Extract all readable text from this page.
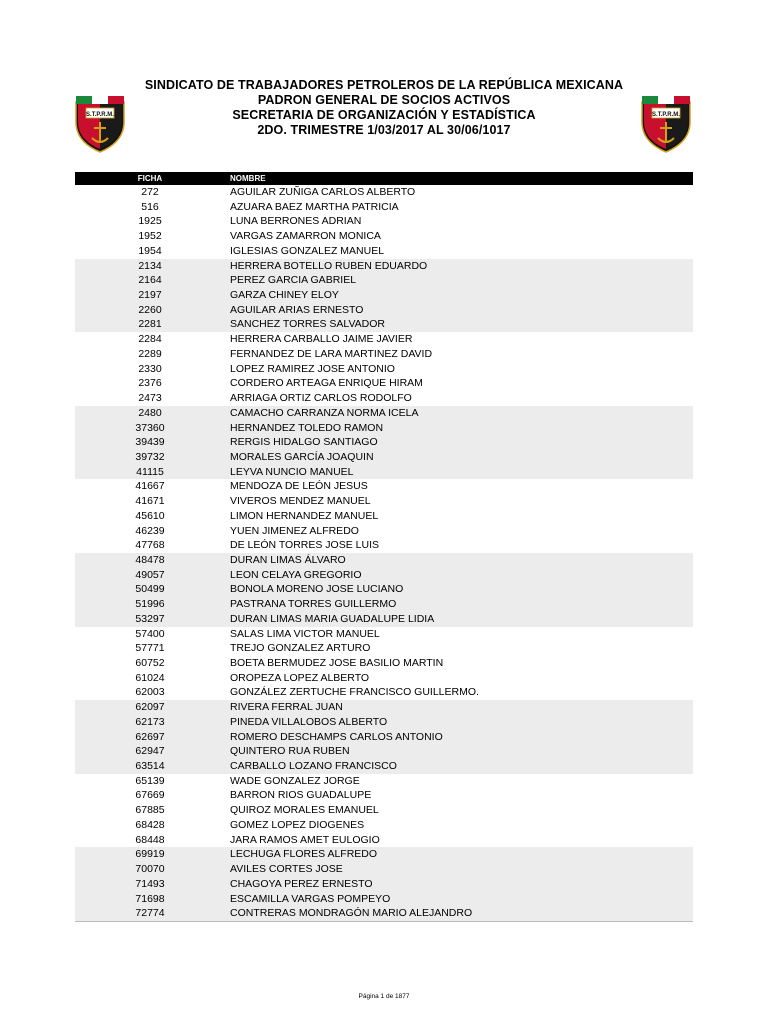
SINDICATO DE TRABAJADORES PETROLEROS DE LA REPÚBLICA MEXICANA
PADRON GENERAL DE SOCIOS ACTIVOS
SECRETARIA DE ORGANIZACIÓN Y ESTADÍSTICA
2DO. TRIMESTRE 1/03/2017 AL 30/06/1017
S.T.P.R.M.	S.T.P.R.M.
FICHA	NOMBRE
272	AGUILAR ZUÑIGA CARLOS ALBERTO
516	AZUARA BAEZ MARTHA PATRICIA
1925	LUNA BERRONES ADRIAN
1952	VARGAS ZAMARRON MONICA
1954	IGLESIAS GONZALEZ MANUEL
2134	HERRERA BOTELLO RUBEN EDUARDO
2164	PEREZ GARCIA GABRIEL
2197	GARZA CHINEY ELOY
2260	AGUILAR ARIAS ERNESTO
2281	SANCHEZ TORRES SALVADOR
2284	HERRERA CARBALLO JAIME JAVIER
2289	FERNANDEZ DE LARA MARTINEZ DAVID
2330	LOPEZ RAMIREZ JOSE ANTONIO
2376	CORDERO ARTEAGA ENRIQUE HIRAM
2473	ARRIAGA ORTIZ CARLOS RODOLFO
2480	CAMACHO CARRANZA NORMA ICELA
37360	HERNANDEZ TOLEDO RAMON
39439	RERGIS HIDALGO SANTIAGO
39732	MORALES GARCÍA JOAQUIN
41115	LEYVA NUNCIO MANUEL
41667	MENDOZA DE LEÓN JESUS
41671	VIVEROS MENDEZ MANUEL
45610	LIMON HERNANDEZ MANUEL
46239	YUEN JIMENEZ ALFREDO
47768	DE LEÓN TORRES JOSE LUIS
48478	DURAN LIMAS ÁLVARO
49057	LEON CELAYA GREGORIO
50499	BONOLA MORENO JOSE LUCIANO
51996	PASTRANA TORRES GUILLERMO
53297	DURAN LIMAS MARIA GUADALUPE LIDIA
57400	SALAS LIMA VICTOR MANUEL
57771	TREJO GONZALEZ ARTURO
60752	BOETA BERMUDEZ JOSE BASILIO MARTIN
61024	OROPEZA LOPEZ ALBERTO
62003	GONZÁLEZ ZERTUCHE FRANCISCO GUILLERMO.
62097	RIVERA FERRAL JUAN
62173	PINEDA VILLALOBOS ALBERTO
62697	ROMERO DESCHAMPS CARLOS ANTONIO
62947	QUINTERO RUA RUBEN
63514	CARBALLO LOZANO FRANCISCO
65139	WADE GONZALEZ JORGE
67669	BARRON RIOS GUADALUPE
67885	QUIROZ MORALES EMANUEL
68428	GOMEZ LOPEZ DIOGENES
68448	JARA RAMOS AMET EULOGIO
69919	LECHUGA FLORES ALFREDO
70070	AVILES CORTES JOSE
71493	CHAGOYA PEREZ ERNESTO
71698	ESCAMILLA VARGAS POMPEYO
72774	CONTRERAS MONDRAGÓN MARIO ALEJANDRO
Página 1 de 1877
